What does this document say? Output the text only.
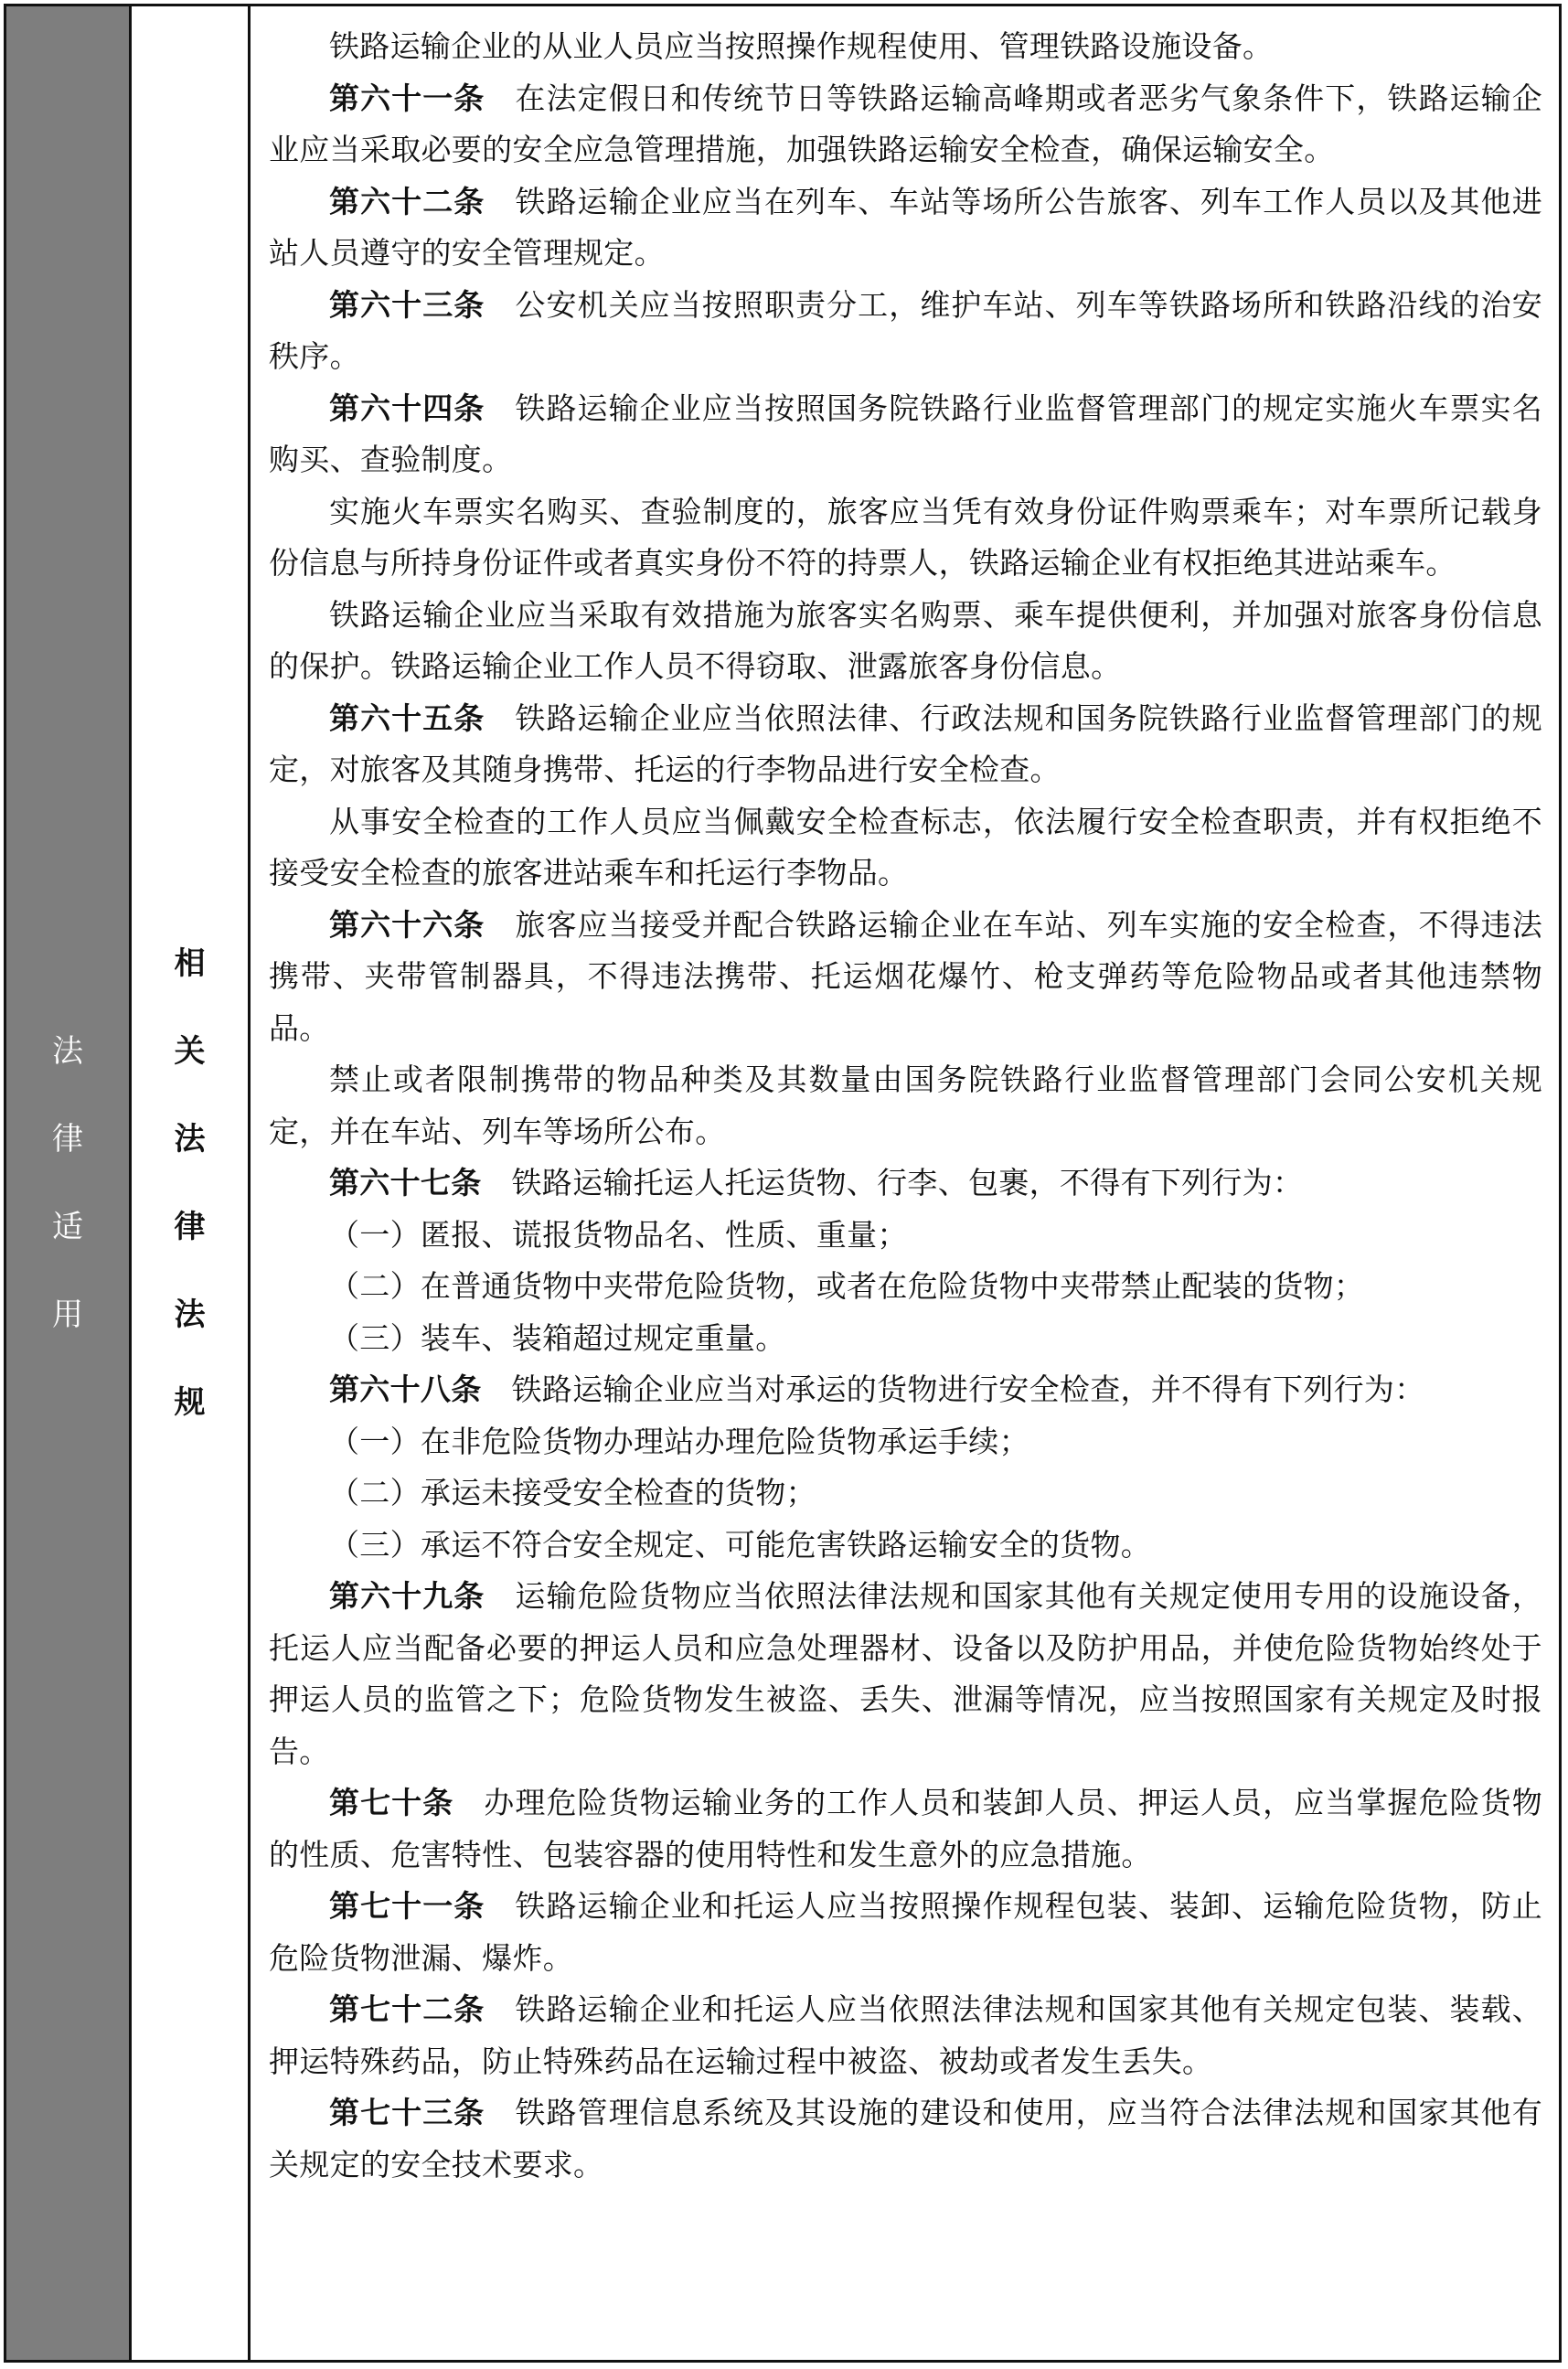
法
律
适
用
相
关
法
律
法
规

铁路运输企业的从业人员应当按照操作规程使用、管理铁路设施设备。

第六十一条 在法定假日和传统节日等铁路运输高峰期或者恶劣气象条件下，铁路运输企业应当采取必要的安全应急管理措施，加强铁路运输安全检查，确保运输安全。

第六十二条 铁路运输企业应当在列车、车站等场所公告旅客、列车工作人员以及其他进站人员遵守的安全管理规定。

第六十三条 公安机关应当按照职责分工，维护车站、列车等铁路场所和铁路沿线的治安秩序。

第六十四条 铁路运输企业应当按照国务院铁路行业监督管理部门的规定实施火车票实名购买、查验制度。

实施火车票实名购买、查验制度的，旅客应当凭有效身份证件购票乘车；对车票所记载身份信息与所持身份证件或者真实身份不符的持票人，铁路运输企业有权拒绝其进站乘车。

铁路运输企业应当采取有效措施为旅客实名购票、乘车提供便利，并加强对旅客身份信息的保护。铁路运输企业工作人员不得窃取、泄露旅客身份信息。

第六十五条 铁路运输企业应当依照法律、行政法规和国务院铁路行业监督管理部门的规定，对旅客及其随身携带、托运的行李物品进行安全检查。

从事安全检查的工作人员应当佩戴安全检查标志，依法履行安全检查职责，并有权拒绝不接受安全检查的旅客进站乘车和托运行李物品。

第六十六条 旅客应当接受并配合铁路运输企业在车站、列车实施的安全检查，不得违法携带、夹带管制器具，不得违法携带、托运烟花爆竹、枪支弹药等危险物品或者其他违禁物品。

禁止或者限制携带的物品种类及其数量由国务院铁路行业监督管理部门会同公安机关规定，并在车站、列车等场所公布。

第六十七条 铁路运输托运人托运货物、行李、包裹，不得有下列行为：

（一）匿报、谎报货物品名、性质、重量；

（二）在普通货物中夹带危险货物，或者在危险货物中夹带禁止配装的货物；

（三）装车、装箱超过规定重量。

第六十八条 铁路运输企业应当对承运的货物进行安全检查，并不得有下列行为：

（一）在非危险货物办理站办理危险货物承运手续；

（二）承运未接受安全检查的货物；

（三）承运不符合安全规定、可能危害铁路运输安全的货物。

第六十九条 运输危险货物应当依照法律法规和国家其他有关规定使用专用的设施设备，托运人应当配备必要的押运人员和应急处理器材、设备以及防护用品，并使危险货物始终处于押运人员的监管之下；危险货物发生被盗、丢失、泄漏等情况，应当按照国家有关规定及时报告。

第七十条 办理危险货物运输业务的工作人员和装卸人员、押运人员，应当掌握危险货物的性质、危害特性、包装容器的使用特性和发生意外的应急措施。

第七十一条 铁路运输企业和托运人应当按照操作规程包装、装卸、运输危险货物，防止危险货物泄漏、爆炸。

第七十二条 铁路运输企业和托运人应当依照法律法规和国家其他有关规定包装、装载、押运特殊药品，防止特殊药品在运输过程中被盗、被劫或者发生丢失。

第七十三条 铁路管理信息系统及其设施的建设和使用，应当符合法律法规和国家其他有关规定的安全技术要求。
